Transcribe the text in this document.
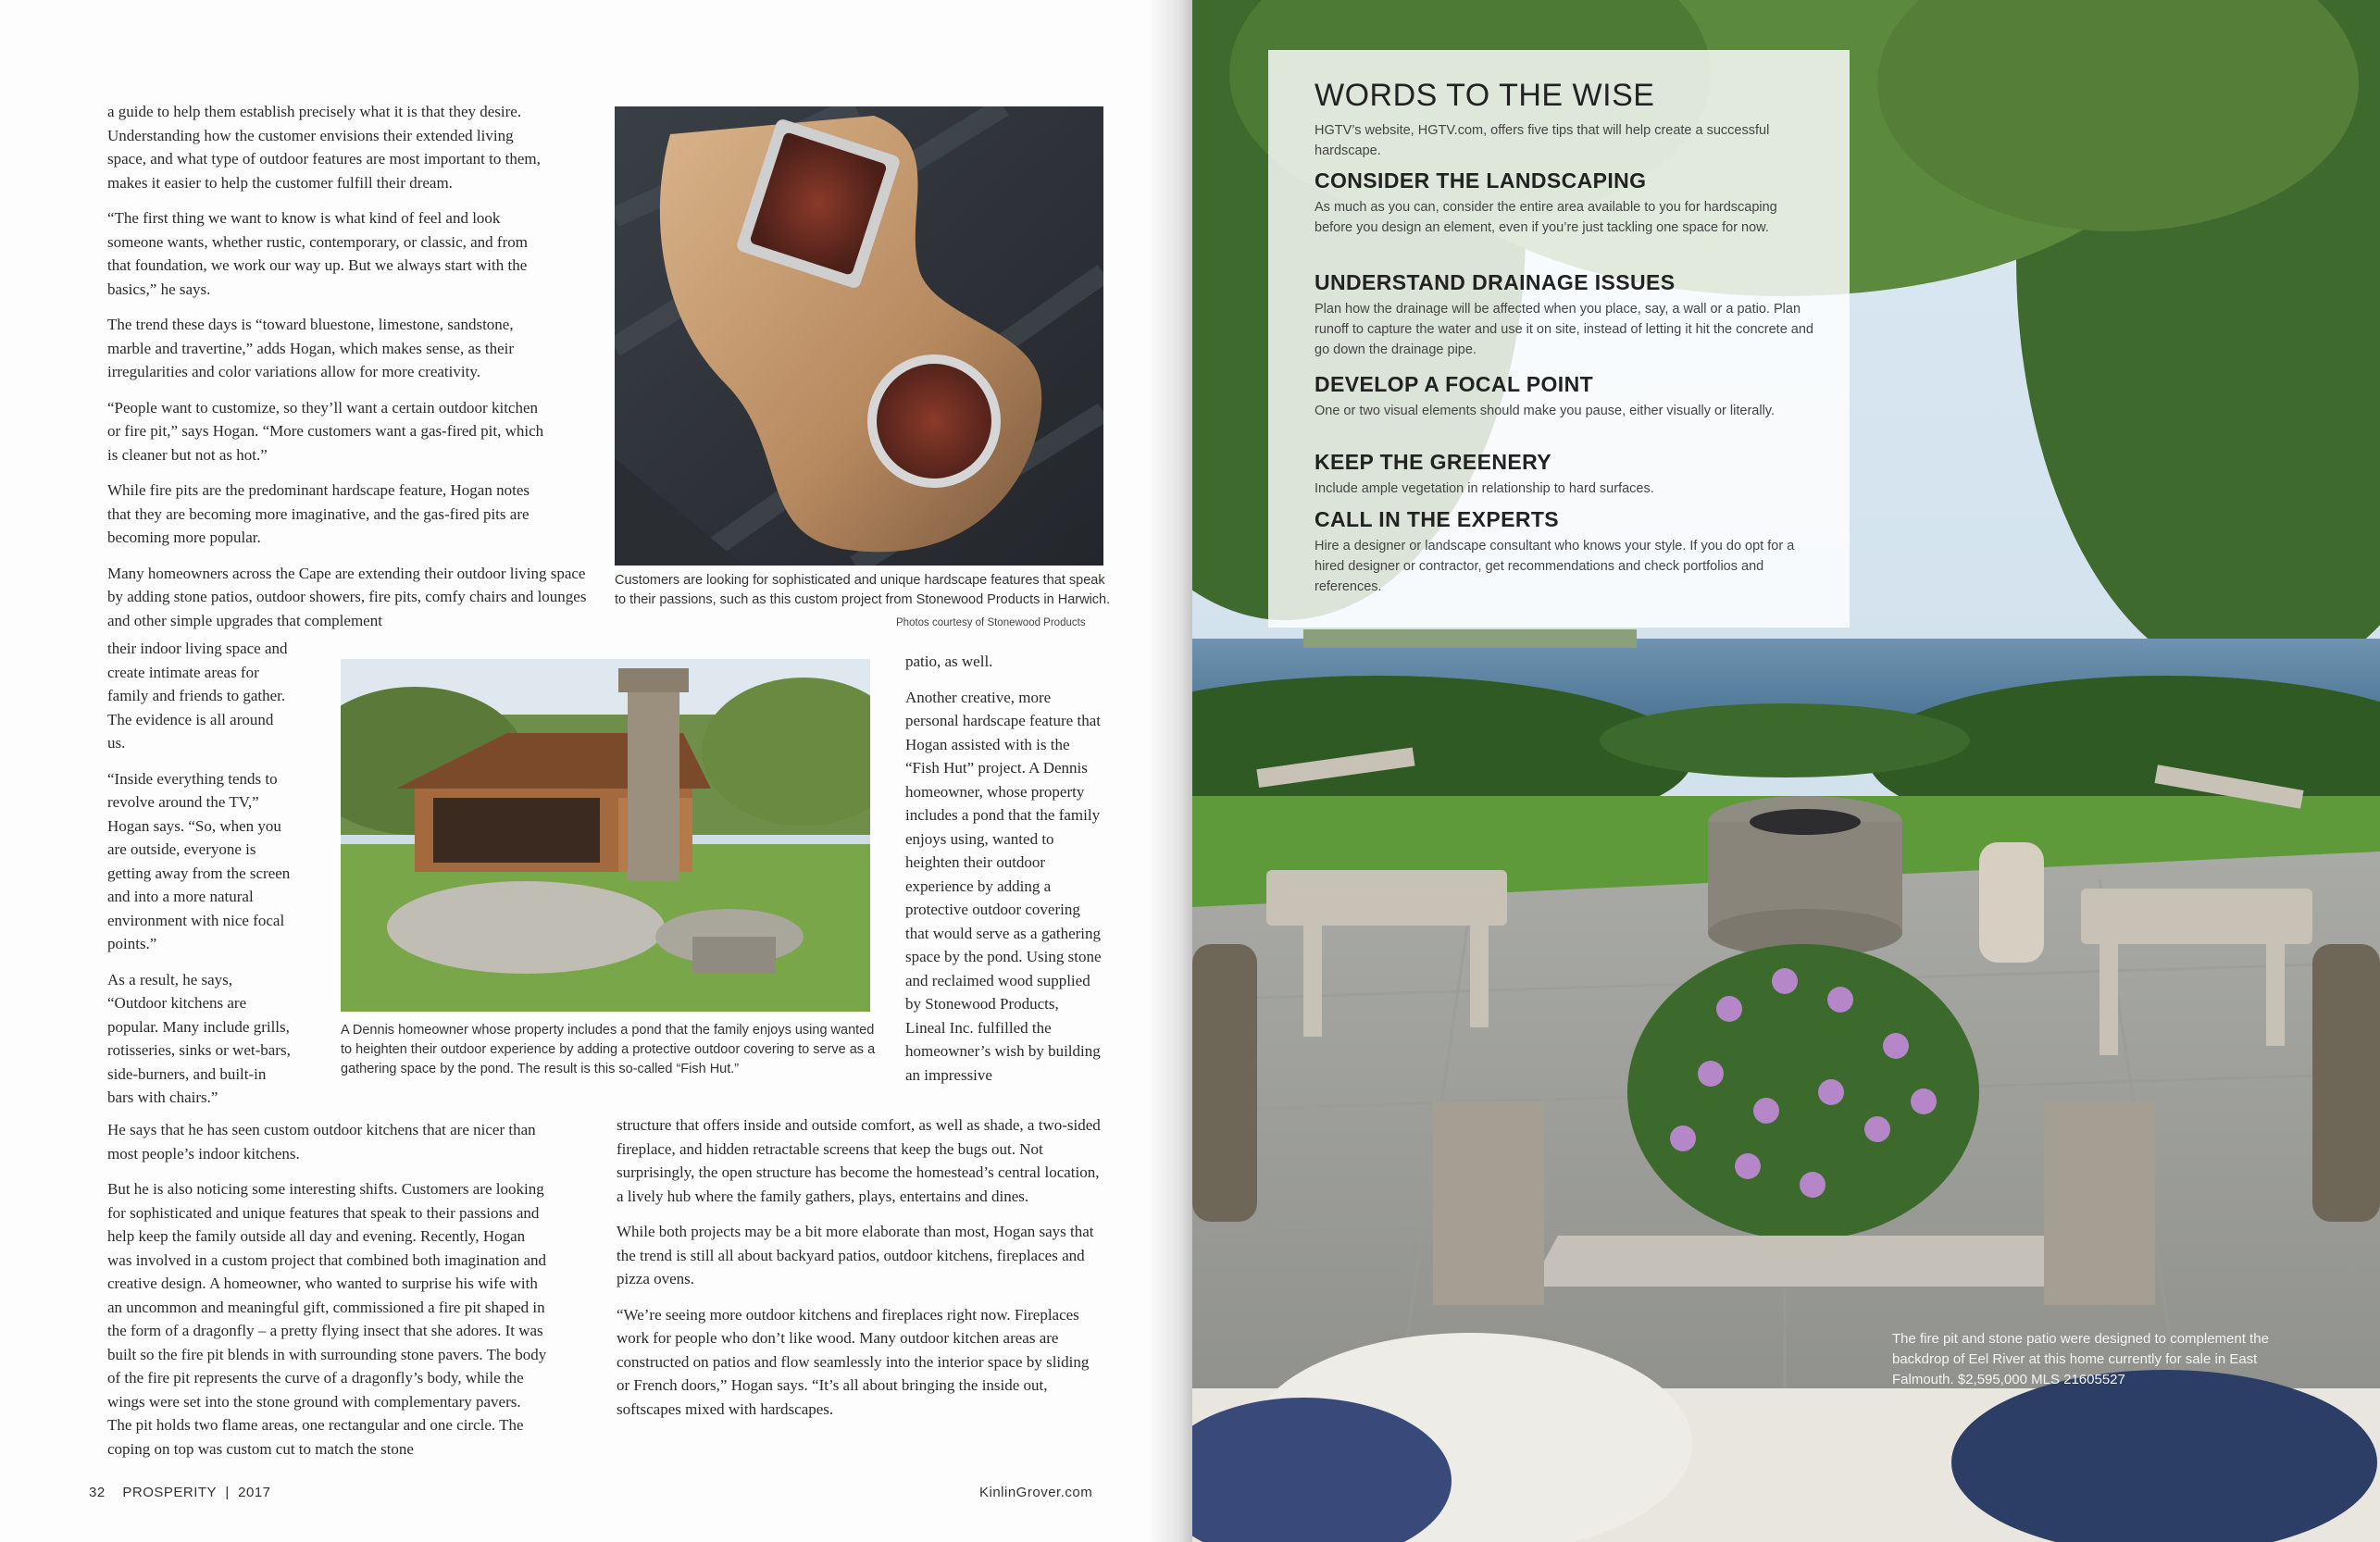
a guide to help them establish precisely what it is that they desire. Understanding how the customer envisions their extended living space, and what type of outdoor features are most important to them, makes it easier to help the customer fulfill their dream.

“The first thing we want to know is what kind of feel and look someone wants, whether rustic, contemporary, or classic, and from that foundation, we work our way up. But we always start with the basics,” he says.

The trend these days is “toward bluestone, limestone, sandstone, marble and travertine,” adds Hogan, which makes sense, as their irregularities and color variations allow for more creativity.

“People want to customize, so they’ll want a certain outdoor kitchen or fire pit,” says Hogan. “More customers want a gas-fired pit, which is cleaner but not as hot.”

While fire pits are the predominant hardscape feature, Hogan notes that they are becoming more imaginative, and the gas-fired pits are becoming more popular.

Many homeowners across the Cape are extending their outdoor living space by adding stone patios, outdoor showers, fire pits, comfy chairs and lounges and other simple upgrades that complement

their indoor living space and create intimate areas for family and friends to gather. The evidence is all around us.

“Inside everything tends to revolve around the TV,” Hogan says. “So, when you are outside, everyone is getting away from the screen and into a more natural environment with nice focal points.”

As a result, he says, “Outdoor kitchens are popular. Many include grills, rotisseries, sinks or wet-bars, side-burners, and built-in bars with chairs.”

He says that he has seen custom outdoor kitchens that are nicer than most people’s indoor kitchens.

But he is also noticing some interesting shifts. Customers are looking for sophisticated and unique features that speak to their passions and help keep the family outside all day and evening. Recently, Hogan was involved in a custom project that combined both imagination and creative design. A homeowner, who wanted to surprise his wife with an uncommon and meaningful gift, commissioned a fire pit shaped in the form of a dragonfly – a pretty flying insect that she adores. It was built so the fire pit blends in with surrounding stone pavers. The body of the fire pit represents the curve of a dragonfly’s body, while the wings were set into the stone ground with complementary pavers. The pit holds two flame areas, one rectangular and one circle. The coping on top was custom cut to match the stone

Customers are looking for sophisticated and unique hardscape features that speak to their passions, such as this custom project from Stonewood Products in Harwich.
Photos courtesy of Stonewood Products
A Dennis homeowner whose property includes a pond that the family enjoys using wanted to heighten their outdoor experience by adding a protective outdoor covering to serve as a gathering space by the pond. The result is this so-called “Fish Hut.”

patio, as well.

Another creative, more personal hardscape feature that Hogan assisted with is the “Fish Hut” project. A Dennis homeowner, whose property includes a pond that the family enjoys using, wanted to heighten their outdoor experience by adding a protective outdoor covering that would serve as a gathering space by the pond. Using stone and reclaimed wood supplied by Stonewood Products, Lineal Inc. fulfilled the homeowner’s wish by building an impressive

structure that offers inside and outside comfort, as well as shade, a two-sided fireplace, and hidden retractable screens that keep the bugs out. Not surprisingly, the open structure has become the homestead’s central location, a lively hub where the family gathers, plays, entertains and dines.

While both projects may be a bit more elaborate than most, Hogan says that the trend is still all about backyard patios, outdoor kitchens, fireplaces and pizza ovens.

“We’re seeing more outdoor kitchens and fireplaces right now. Fireplaces work for people who don’t like wood. Many outdoor kitchen areas are constructed on patios and flow seamlessly into the interior space by sliding or French doors,” Hogan says. “It’s all about bringing the inside out, softscapes mixed with hardscapes.

32 PROSPERITY | 2017	KinlinGrover.com
WORDS TO THE WISE
HGTV’s website, HGTV.com, offers five tips that will help create a successful hardscape.

CONSIDER THE LANDSCAPING

As much as you can, consider the entire area available to you for hardscaping before you design an element, even if you’re just tackling one space for now.

UNDERSTAND DRAINAGE ISSUES

Plan how the drainage will be affected when you place, say, a wall or a patio. Plan runoff to capture the water and use it on site, instead of letting it hit the concrete and go down the drainage pipe.

DEVELOP A FOCAL POINT

One or two visual elements should make you pause, either visually or literally.

KEEP THE GREENERY

Include ample vegetation in relationship to hard surfaces.

CALL IN THE EXPERTS

Hire a designer or landscape consultant who knows your style. If you do opt for a hired designer or contractor, get recommendations and check portfolios and references.

The fire pit and stone patio were designed to complement the backdrop of Eel River at this home currently for sale in East Falmouth. $2,595,000 MLS 21605527
